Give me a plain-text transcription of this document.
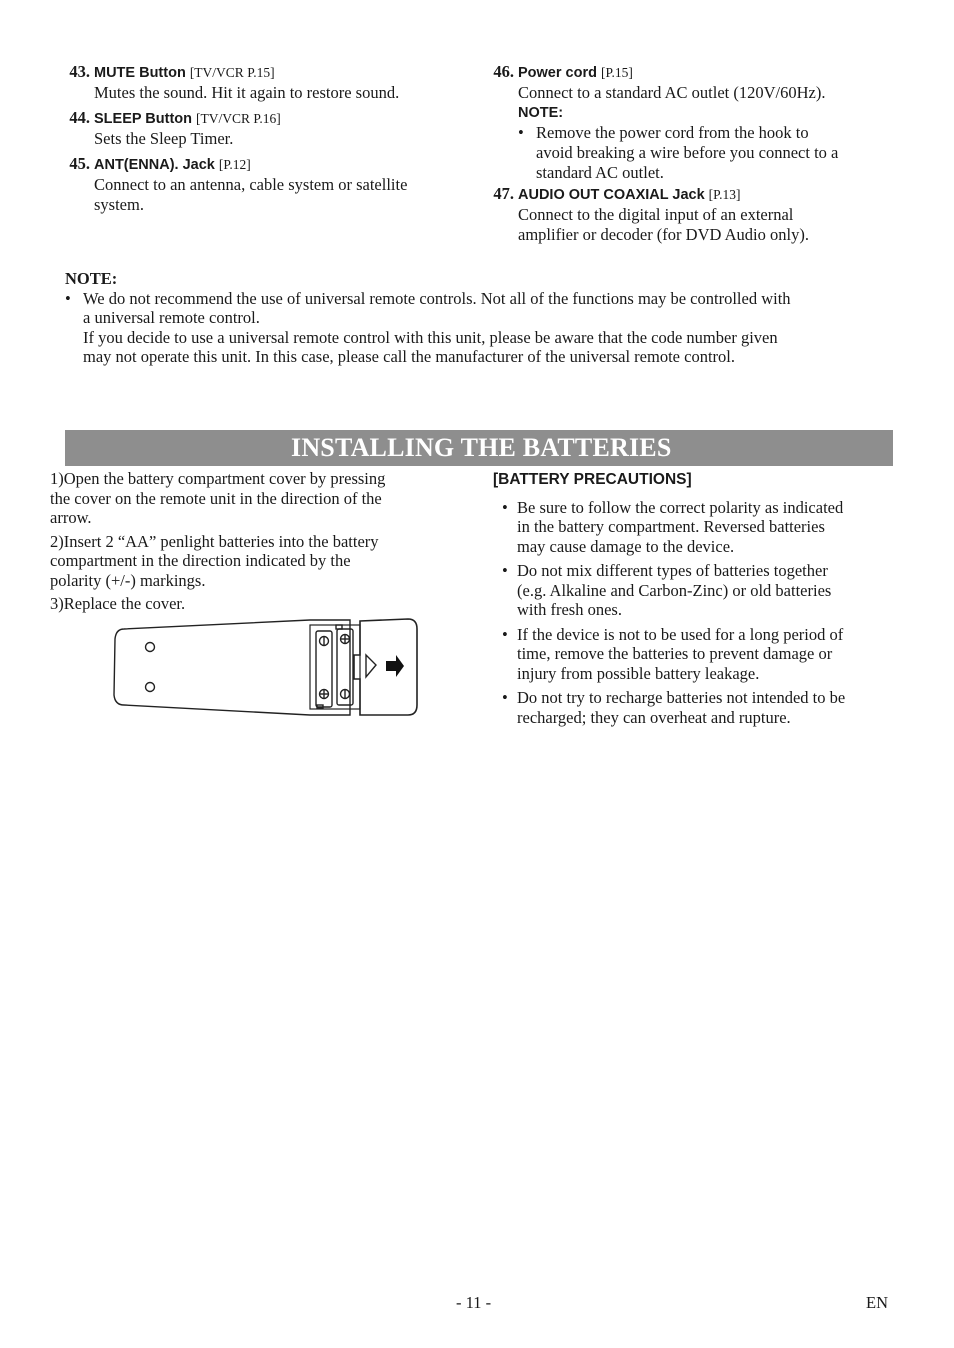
43. MUTE Button [TV/VCR P.15]
Mutes the sound. Hit it again to restore sound.
44. SLEEP Button [TV/VCR P.16]
Sets the Sleep Timer.
45. ANT(ENNA). Jack [P.12]
Connect to an antenna, cable system or satellite
system.
46. Power cord [P.15]
Connect to a standard AC outlet (120V/60Hz).
NOTE:
• Remove the power cord from the hook to
avoid breaking a wire before you connect to a
standard AC outlet.
47. AUDIO OUT COAXIAL Jack [P.13]
Connect to the digital input of an external
amplifier or decoder (for DVD Audio only).
NOTE:
• We do not recommend the use of universal remote controls. Not all of the functions may be controlled with
a universal remote control.
If you decide to use a universal remote control with this unit, please be aware that the code number given
may not operate this unit. In this case, please call the manufacturer of the universal remote control.
INSTALLING THE BATTERIES
1)Open the battery compartment cover by pressing
the cover on the remote unit in the direction of the
arrow.
2)Insert 2 “AA” penlight batteries into the battery
compartment in the direction indicated by the
polarity (+/-) markings.
3)Replace the cover.
[BATTERY PRECAUTIONS]
• Be sure to follow the correct polarity as indicated
in the battery compartment. Reversed batteries
may cause damage to the device.
• Do not mix different types of batteries together
(e.g. Alkaline and Carbon-Zinc) or old batteries
with fresh ones.
• If the device is not to be used for a long period of
time, remove the batteries to prevent damage or
injury from possible battery leakage.
• Do not try to recharge batteries not intended to be
recharged; they can overheat and rupture.
- 11 -	EN
